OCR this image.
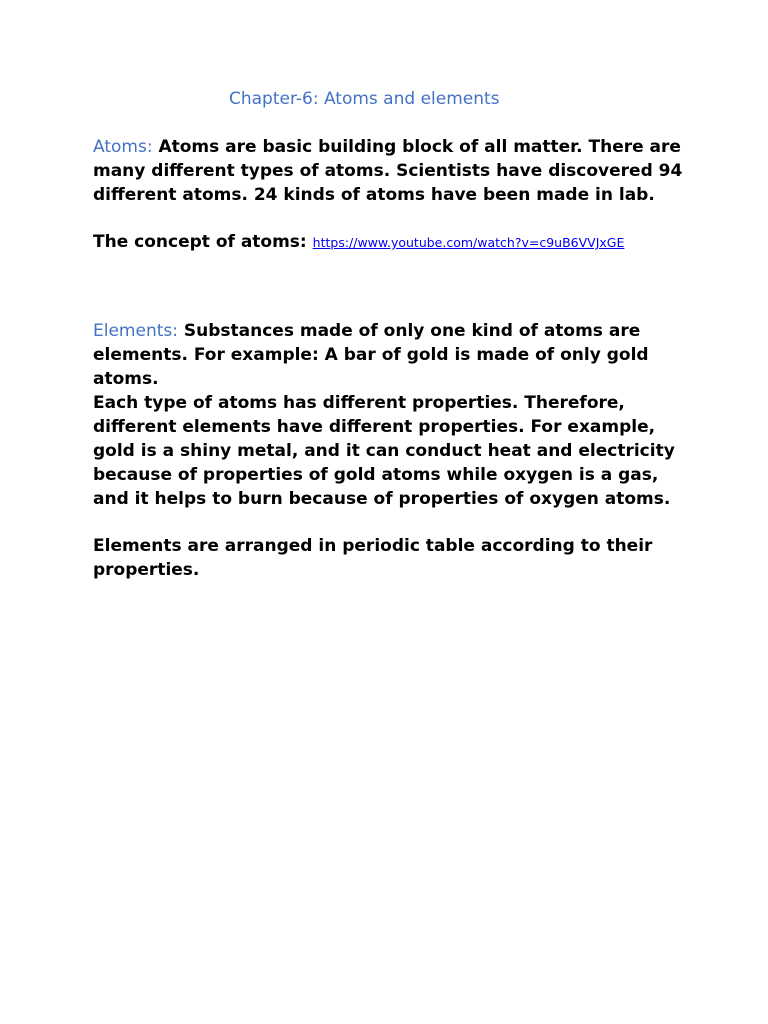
Chapter-6: Atoms and elements
Atoms: Atoms are basic building block of all matter. There are many different types of atoms. Scientists have discovered 94 different atoms. 24 kinds of atoms have been made in lab.
The concept of atoms: https://www.youtube.com/watch?v=c9uB6VVJxGE
Elements: Substances made of only one kind of atoms are elements. For example: A bar of gold is made of only gold atoms.
Each type of atoms has different properties. Therefore, different elements have different properties. For example, gold is a shiny metal, and it can conduct heat and electricity because of properties of gold atoms while oxygen is a gas, and it helps to burn because of properties of oxygen atoms.
Elements are arranged in periodic table according to their properties.
